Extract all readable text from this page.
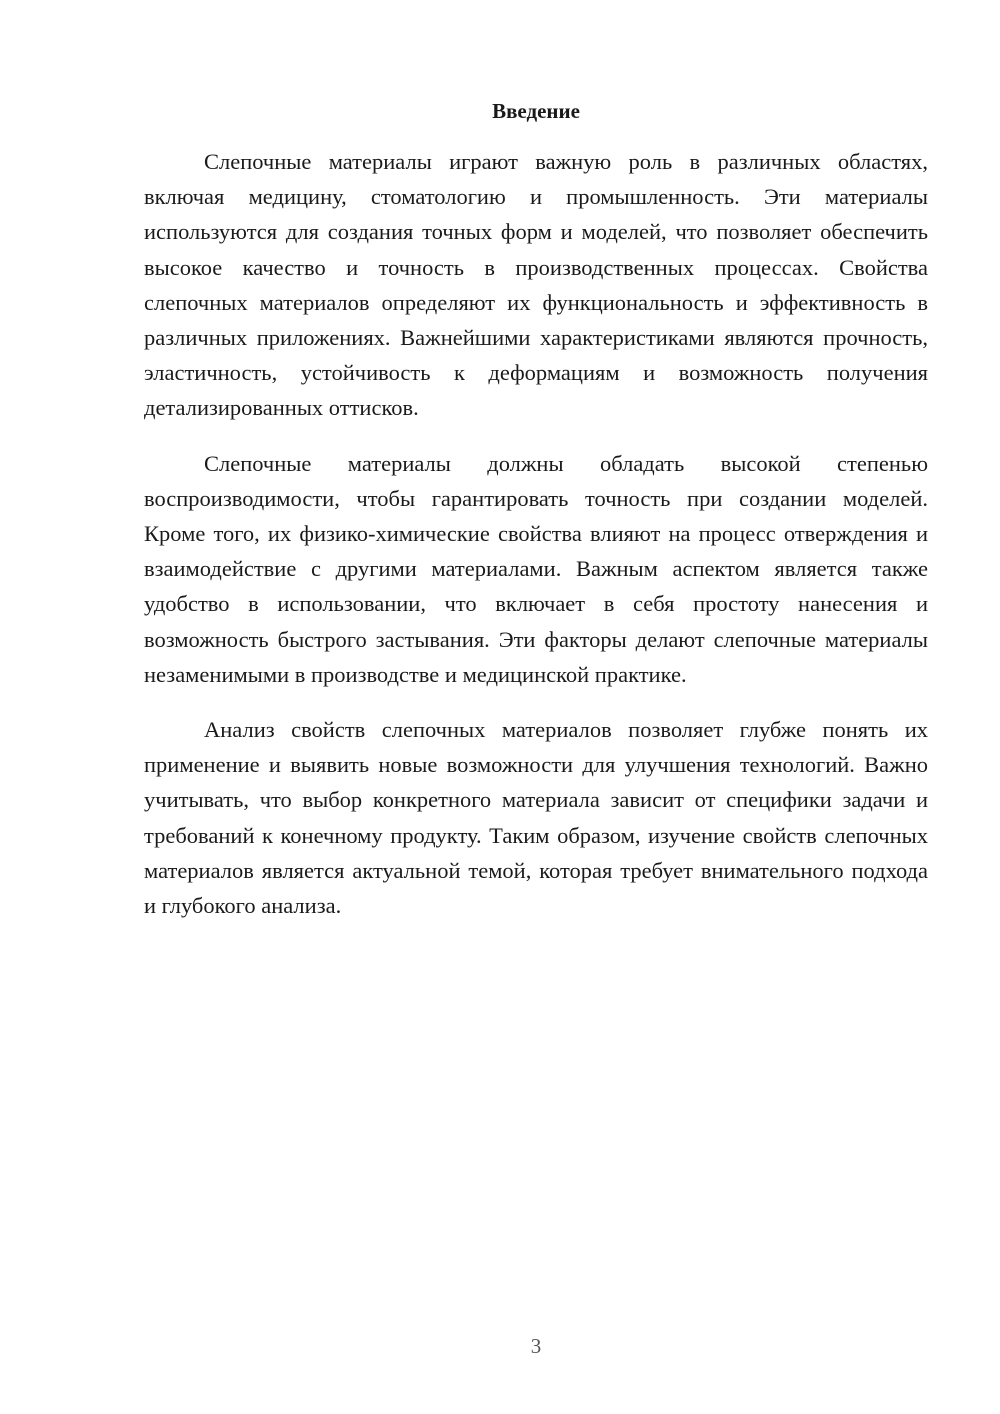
Введение

Слепочные материалы играют важную роль в различных областях, включая медицину, стоматологию и промышленность. Эти материалы используются для создания точных форм и моделей, что позволяет обеспечить высокое качество и точность в производственных процессах. Свойства слепочных материалов определяют их функциональность и эффективность в различных приложениях. Важнейшими характеристиками являются прочность, эластичность, устойчивость к деформациям и возможность получения детализированных оттисков.

Слепочные материалы должны обладать высокой степенью воспроизводимости, чтобы гарантировать точность при создании моделей. Кроме того, их физико-химические свойства влияют на процесс отверждения и взаимодействие с другими материалами. Важным аспектом является также удобство в использовании, что включает в себя простоту нанесения и возможность быстрого застывания. Эти факторы делают слепочные материалы незаменимыми в производстве и медицинской практике.

Анализ свойств слепочных материалов позволяет глубже понять их применение и выявить новые возможности для улучшения технологий. Важно учитывать, что выбор конкретного материала зависит от специфики задачи и требований к конечному продукту. Таким образом, изучение свойств слепочных материалов является актуальной темой, которая требует внимательного подхода и глубокого анализа.

3
